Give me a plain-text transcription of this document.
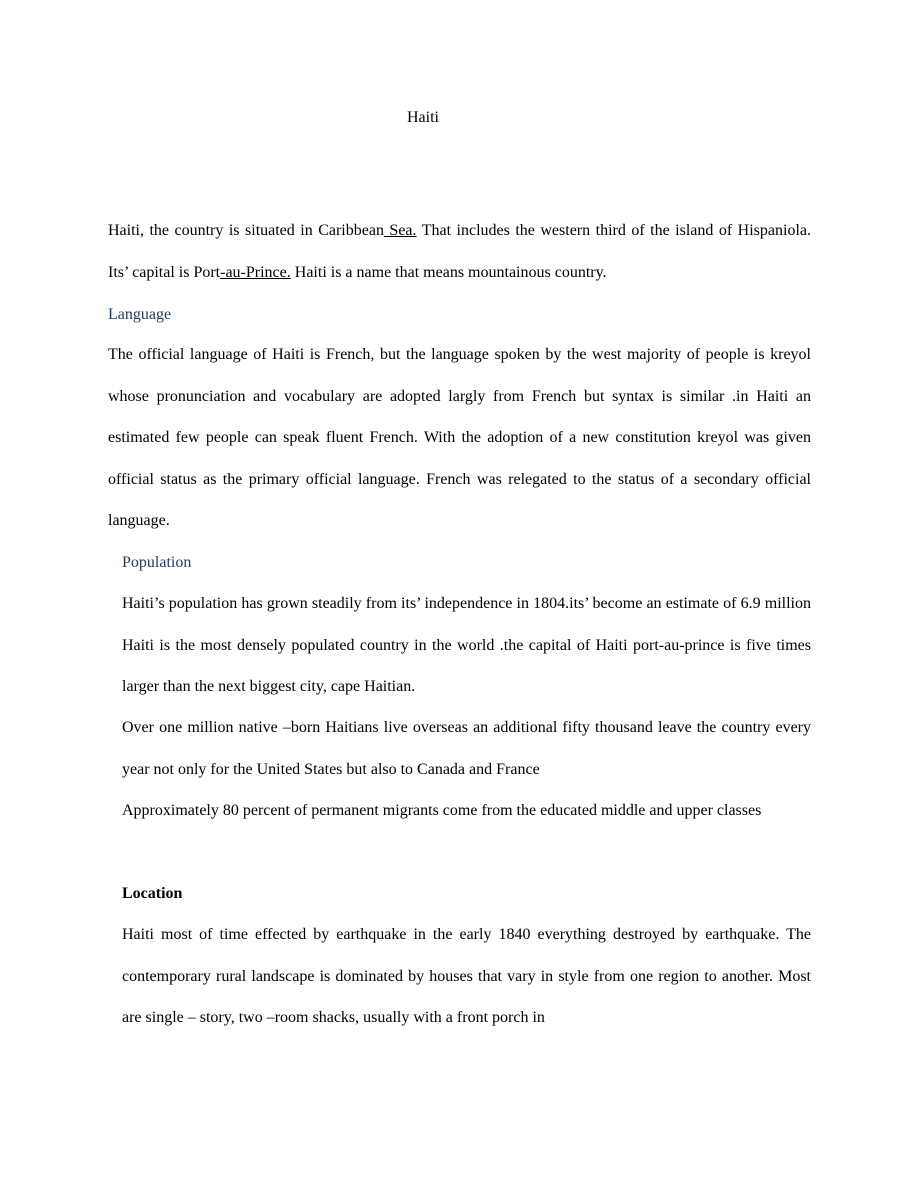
Haiti

Haiti, the country is situated in Caribbean Sea. That includes the western third of the island of Hispaniola. Its’ capital is Port-au-Prince. Haiti is a name that means mountainous country.

Language

The official language of Haiti is French, but the language spoken by the west majority of people is kreyol whose pronunciation and vocabulary are adopted largly from French but syntax is similar .in Haiti an estimated few people can speak fluent French. With the adoption of a new constitution kreyol was given official status as the primary official language. French was relegated to the status of a secondary official language.

Population

Haiti’s population has grown steadily from its’ independence in 1804.its’ become an estimate of 6.9 million Haiti is the most densely populated country in the world .the capital of Haiti port-au-prince is five times larger than the next biggest city, cape Haitian.

Over one million native –born Haitians live overseas an additional fifty thousand leave the country every year not only for the United States but also to Canada and France

Approximately 80 percent of permanent migrants come from the educated middle and upper classes

Location

Haiti most of time effected by earthquake in the early 1840 everything destroyed by earthquake. The contemporary rural landscape is dominated by houses that vary in style from one region to another. Most are single – story, two –room shacks, usually with a front porch in
